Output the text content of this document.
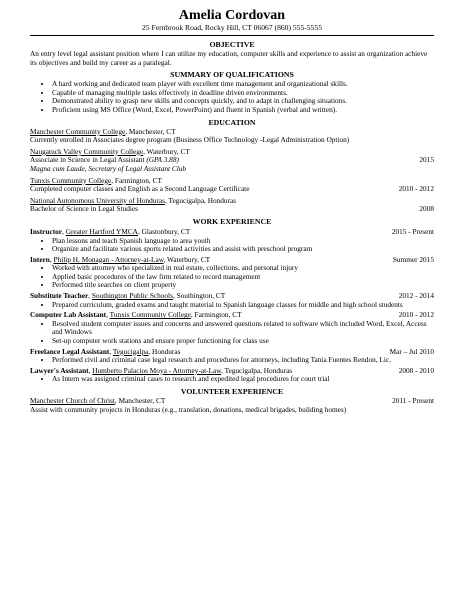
Amelia Cordovan
25 Fernbrook Road, Rocky Hill, CT 06067 (860) 555-5555
OBJECTIVE

An entry level legal assistant position where I can utilize my education, computer skills and experience to assist an organization achieve its objectives and build my career as a paralegal.

SUMMARY OF QUALIFICATIONS
• A hard working and dedicated team player with excellent time management and organizational skills.
• Capable of managing multiple tasks effectively in deadline driven environments.
• Demonstrated ability to grasp new skills and concepts quickly, and to adapt in challenging situations.
• Proficient using MS Office (Word, Excel, PowerPoint) and fluent in Spanish (verbal and written).
EDUCATION
Manchester Community College, Manchester, CT
Currently enrolled in Associates degree program (Business Office Technology -Legal Administration Option)
Naugatuck Valley Community College, Waterbury, CT
Associate in Science in Legal Assistant (GPA 3.88)	2015
Magna cum Laude, Secretary of Legal Assistant Club
Tunxis Community College, Farmington, CT
Completed computer classes and English as a Second Language Certificate	2010 - 2012
National Autonomous University of Honduras, Tegucigalpa, Honduras
Bachelor of Science in Legal Studies	2008
WORK EXPERIENCE
Instructor, Greater Hartford YMCA, Glastonbury, CT	2015 - Present
• Plan lessons and teach Spanish language to area youth
• Organize and facilitate various sports related activities and assist with preschool program
Intern, Philip H. Monagan - Attorney-at-Law, Waterbury, CT	Summer 2015
• Worked with attorney who specialized in real estate, collections, and personal injury
• Applied basic procedures of the law firm related to record management
• Performed title searches on client property
Substitute Teacher, Southington Public Schools, Southington, CT	2012 - 2014
• Prepared curriculum, graded exams and taught material to Spanish language classes for middle and high school students
Computer Lab Assistant, Tunxis Community College, Farmington, CT	2010 - 2012
• Resolved student computer issues and concerns and answered questions related to software which included Word, Excel, Access and Windows
• Set-up computer work stations and ensure proper functioning for class use
Freelance Legal Assistant, Tegucigalpa, Honduras	Mar – Jul 2010
• Performed civil and criminal case legal research and procedures for attorneys, including Tania Fuentes Rendon, Lic.
Lawyer's Assistant, Humberto Palacios Moya - Attorney-at-Law, Tegucigalpa, Honduras	2008 - 2010
• As Intern was assigned criminal cases to research and expedited legal procedures for court trial
VOLUNTEER EXPERIENCE
Manchester Church of Christ, Manchester, CT	2011 - Present
Assist with community projects in Honduras (e.g., translation, donations, medical brigades, building homes)
